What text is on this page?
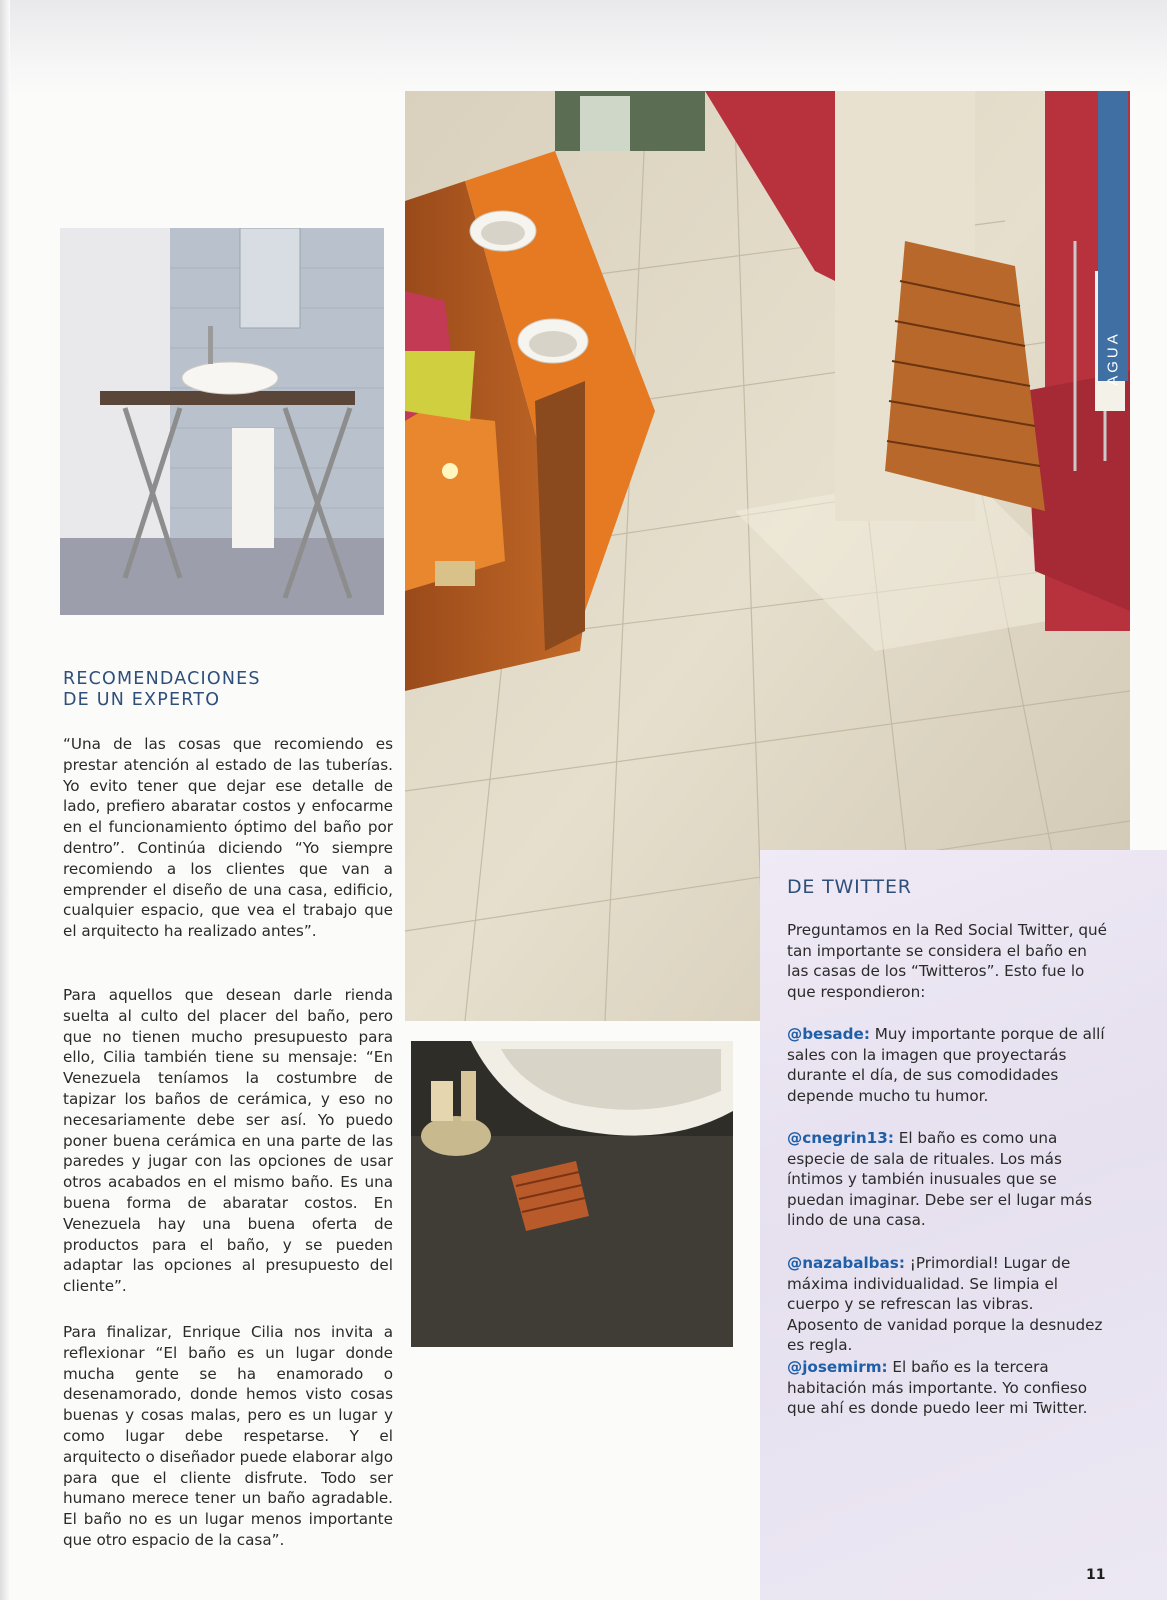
AGUA
RECOMENDACIONES
DE UN EXPERTO

“Una de las cosas que recomiendo es prestar atención al estado de las tuberías. Yo evito tener que dejar ese detalle de lado, prefiero abaratar costos y enfocarme en el funcionamiento óptimo del baño por dentro”. Continúa diciendo “Yo siempre recomiendo a los clientes que van a emprender el diseño de una casa, edificio, cualquier espacio, que vea el trabajo que el arquitecto ha realizado antes”.

Para aquellos que desean darle rienda suelta al culto del placer del baño, pero que no tienen mucho presupuesto para ello, Cilia también tiene su mensaje: “En Venezuela teníamos la costumbre de tapizar los baños de cerámica, y eso no necesariamente debe ser así. Yo puedo poner buena cerámica en una parte de las paredes y jugar con las opciones de usar otros acabados en el mismo baño. Es una buena forma de abaratar costos. En Venezuela hay una buena oferta de productos para el baño, y se pueden adaptar las opciones al presupuesto del cliente”.

Para finalizar, Enrique Cilia nos invita a reflexionar “El baño es un lugar donde mucha gente se ha enamorado o desenamorado, donde hemos visto cosas buenas y cosas malas, pero es un lugar y como lugar debe respetarse. Y el arquitecto o diseñador puede elaborar algo para que el cliente disfrute. Todo ser humano merece tener un baño agradable. El baño no es un lugar menos importante que otro espacio de la casa”.

DE TWITTER

Preguntamos en la Red Social Twitter, qué tan importante se considera el baño en las casas de los “Twitteros”. Esto fue lo que respondieron:

@besade: Muy importante porque de allí sales con la imagen que proyectarás durante el día, de sus comodidades depende mucho tu humor.

@cnegrin13: El baño es como una especie de sala de rituales. Los más íntimos y también inusuales que se puedan imaginar. Debe ser el lugar más lindo de una casa.

@nazabalbas: ¡Primordial! Lugar de máxima individualidad. Se limpia el cuerpo y se refrescan las vibras. Aposento de vanidad porque la desnudez es regla.

@josemirm: El baño es la tercera habitación más importante. Yo confieso que ahí es donde puedo leer mi Twitter.

11
